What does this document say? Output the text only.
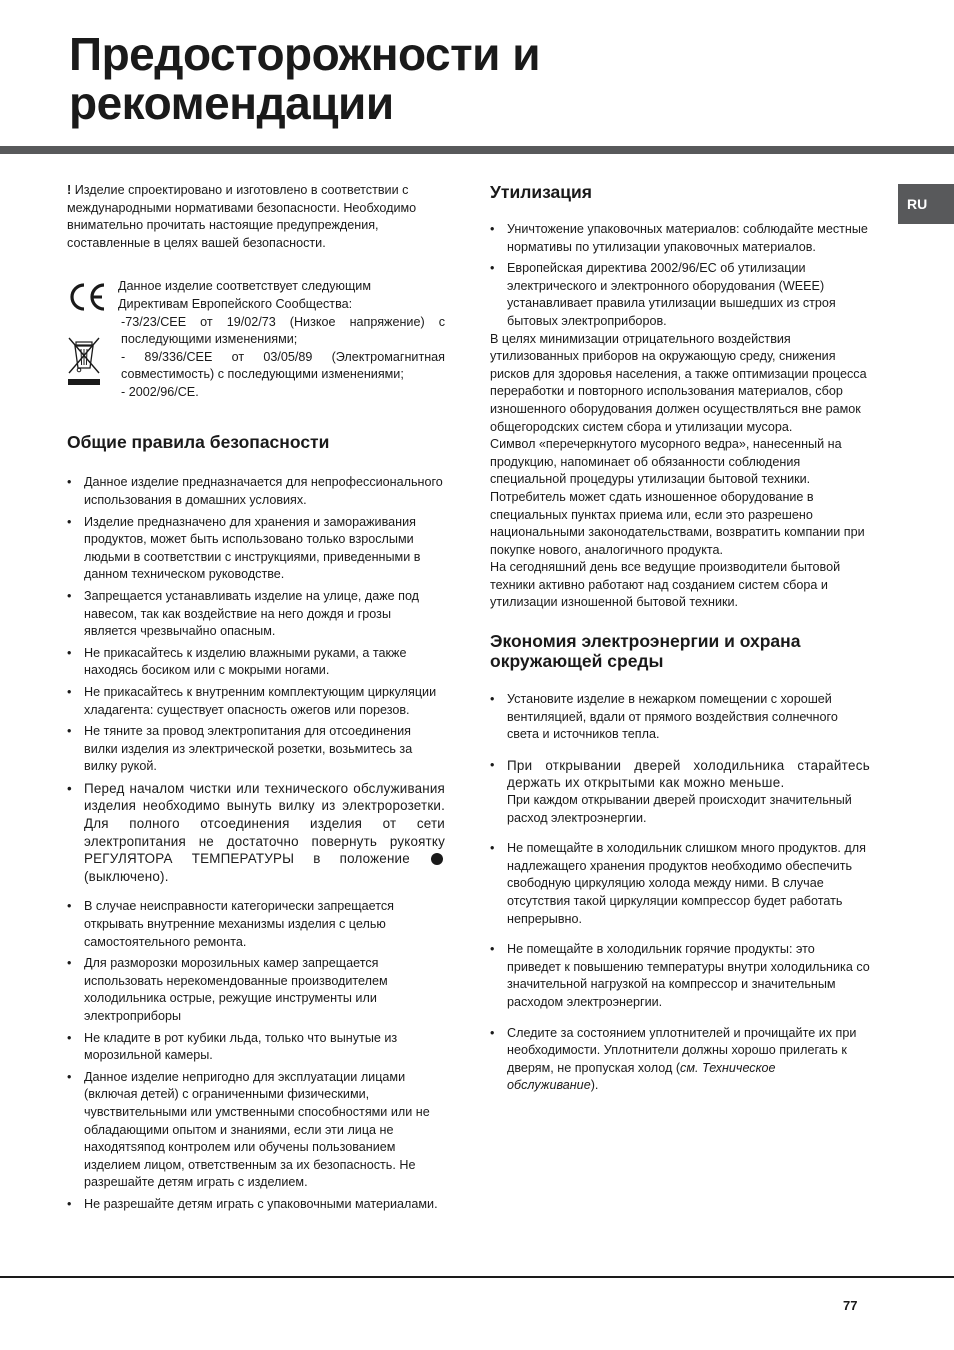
Предосторожности и
рекомендации
RU

! Изделие спроектировано и изготовлено в соответствии с международными нормативами безопасности. Необходимо внимательно прочитать настоящие предупреждения, составленные в целях вашей безопасности.

Данное изделие соответствует следующим

Директивам Европейского Сообщества:

-73/23/CEE от 19/02/73 (Низкое напряжение) с последующими изменениями;

- 89/336/CEE от 03/05/89 (Электромагнитная совместимость) с последующими изменениями;

- 2002/96/CE.

Общие правила безопасности
• Данное изделие предназначается для непрофессионального использования в домашних условиях.
• Изделие предназначено для хранения и замораживания продуктов, может быть использовано только взрослыми людьми в соответствии с инструкциями, приведенными в данном техническом руководстве.
• Запрещается устанавливать изделие на улице, даже под навесом, так как воздействие на него дождя и грозы является чрезвычайно опасным.
• Не прикасайтесь к изделию влажными руками, а также находясь босиком или с мокрыми ногами.
• Не прикасайтесь к внутренним комплектующим циркуляции хладагента: существует опасность ожегов или порезов.
• Не тяните за провод электропитания для отсоединения вилки изделия из электрической розетки, возьмитесь за вилку рукой.
• Перед началом чистки или технического обслуживания изделия необходимо вынуть вилку из электророзетки. Для полного отсоединения изделия от сети электропитания не достаточно повернуть рукоятку РЕГУЛЯТОРА ТЕМПЕРАТУРЫ в положение  (выключено).
• В случае неисправности категорически запрещается открывать внутренние механизмы изделия с целью самостоятельного ремонта.
• Для разморозки морозильных камер запрещается использовать нерекомендованные производителем холодильника острые, режущие инструменты или электроприборы
• Не кладите в рот кубики льда, только что вынутые из морозильной камеры.
• Данное изделие непригодно для эксплуатации лицами (включая детей) с ограниченными физическими, чувствительными или умственными способностями или не обладающими опытом и знаниями, если эти лица не находятsяпод контролем или обучены пользованием изделием лицом, ответственным за их безопасность. Не разрешайте детям играть с изделием.
• Не разрешайте детям играть с упаковочными материалами.
Утилизация
• Уничтожение упаковочных материалов: соблюдайте местные нормативы по утилизации упаковочных материалов.
• Европейская директива 2002/96/EC об утилизации электрического и электронного оборудования (WEEE) устанавливает правила утилизации вышедших из строя бытовых электроприборов.

В целях минимизации отрицательного воздействия утилизованных приборов на окружающую среду, снижения рисков для здоровья населения, а также оптимизации процесса переработки и повторного использования материалов, сбор изношенного оборудования должен осуществляться вне рамок общегородских систем сбора и утилизации мусора.

Символ «перечеркнутого мусорного ведра», нанесенный на продукцию, напоминает об обязанности соблюдения специальной процедуры утилизации бытовой техники.

Потребитель может сдать изношенное оборудование в специальных пунктах приема или, если это разрешено национальными законодательствами, возвратить компании при покупке нового, аналогичного продукта.

На сегодняшний день все ведущие производители бытовой техники активно работают над созданием систем сбора и утилизации изношенной бытовой техники.

Экономия электроэнергии и охрана
окружающей среды
• Установите изделие в нежарком помещении с хорошей вентиляцией, вдали от прямого воздействия солнечного света и источников тепла.
• При открывании дверей холодильника старайтесь держать их открытыми как можно меньше.
При каждом открывании дверей происходит значительный расход электроэнергии.
• Не помещайте в холодильник слишком много продуктов. для надлежащего хранения продуктов необходимо обеспечить свободную циркуляцию холода между ними. В случае отсутствия такой циркуляции компрессор будет работать непрерывно.
• Не помещайте в холодильник горячие продукты: это приведет к повышению температуры внутри холодильника со значительной нагрузкой на компрессор и значительным расходом электроэнергии.
• Следите за состоянием уплотнителей и прочищайте их при необходимости. Уплотнители должны хорошо прилегать к дверям, не пропуская холод (см. Техническое обслуживание).
77
